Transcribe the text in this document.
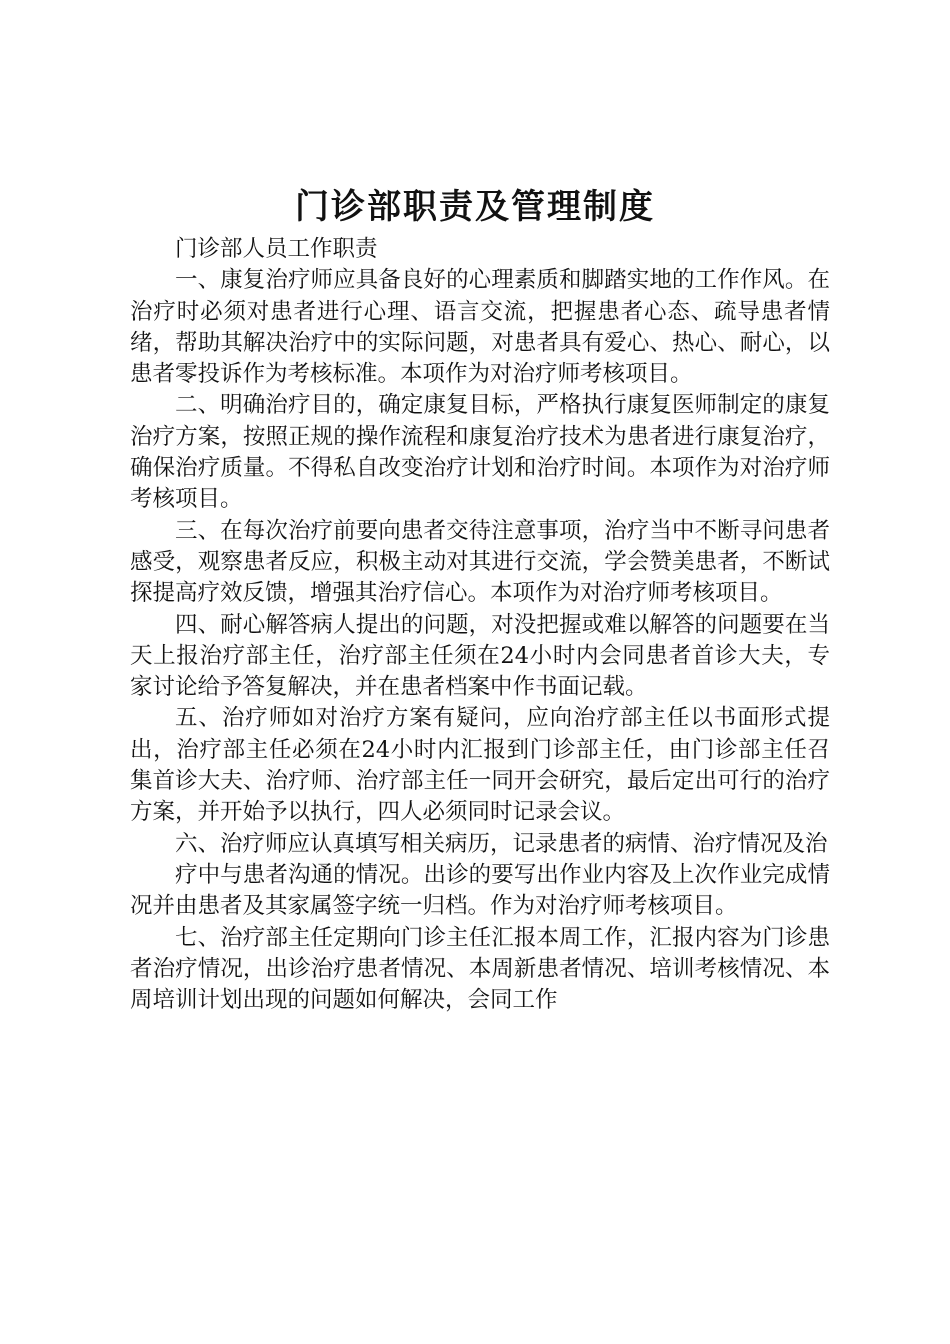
门诊部职责及管理制度

门诊部人员工作职责

一、康复治疗师应具备良好的心理素质和脚踏实地的工作作风。在治疗时必须对患者进行心理、语言交流，把握患者心态、疏导患者情绪，帮助其解决治疗中的实际问题，对患者具有爱心、热心、耐心，以患者零投诉作为考核标准。本项作为对治疗师考核项目。

二、明确治疗目的，确定康复目标，严格执行康复医师制定的康复治疗方案，按照正规的操作流程和康复治疗技术为患者进行康复治疗，确保治疗质量。不得私自改变治疗计划和治疗时间。本项作为对治疗师考核项目。

三、在每次治疗前要向患者交待注意事项，治疗当中不断寻问患者感受，观察患者反应，积极主动对其进行交流，学会赞美患者，不断试探提高疗效反馈，增强其治疗信心。本项作为对治疗师考核项目。

四、耐心解答病人提出的问题，对没把握或难以解答的问题要在当天上报治疗部主任，治疗部主任须在24小时内会同患者首诊大夫，专家讨论给予答复解决，并在患者档案中作书面记载。

五、治疗师如对治疗方案有疑问，应向治疗部主任以书面形式提出，治疗部主任必须在24小时内汇报到门诊部主任，由门诊部主任召集首诊大夫、治疗师、治疗部主任一同开会研究，最后定出可行的治疗方案，并开始予以执行，四人必须同时记录会议。

六、治疗师应认真填写相关病历，记录患者的病情、治疗情况及治

疗中与患者沟通的情况。出诊的要写出作业内容及上次作业完成情况并由患者及其家属签字统一归档。作为对治疗师考核项目。

七、治疗部主任定期向门诊主任汇报本周工作，汇报内容为门诊患者治疗情况，出诊治疗患者情况、本周新患者情况、培训考核情况、本周培训计划出现的问题如何解决，会同工作
